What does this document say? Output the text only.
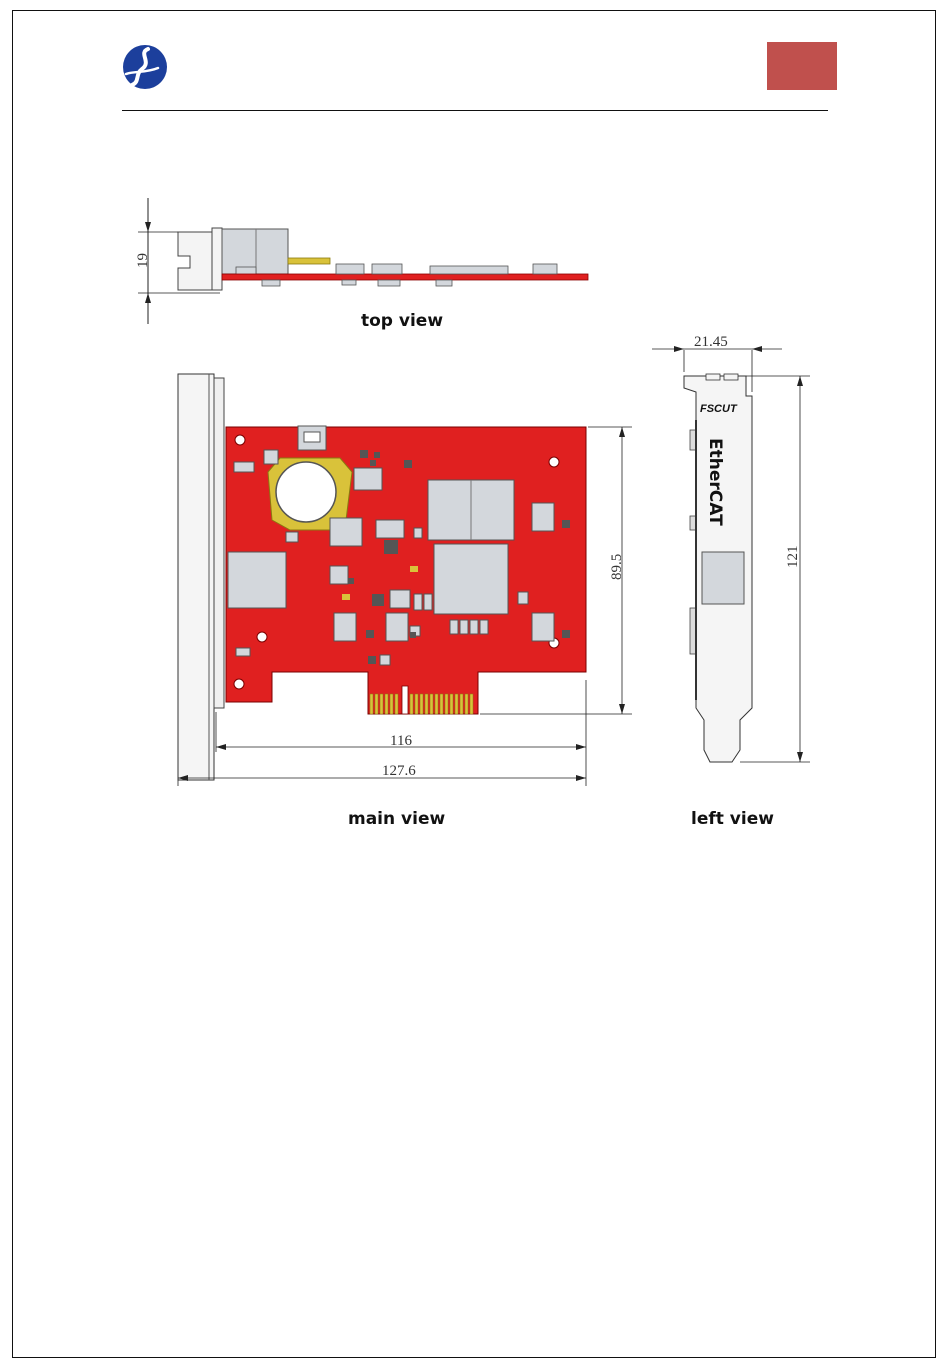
FSCUT
EtherCAT
19
89.5
116
127.6
21.45
121
top view
main view	left view
